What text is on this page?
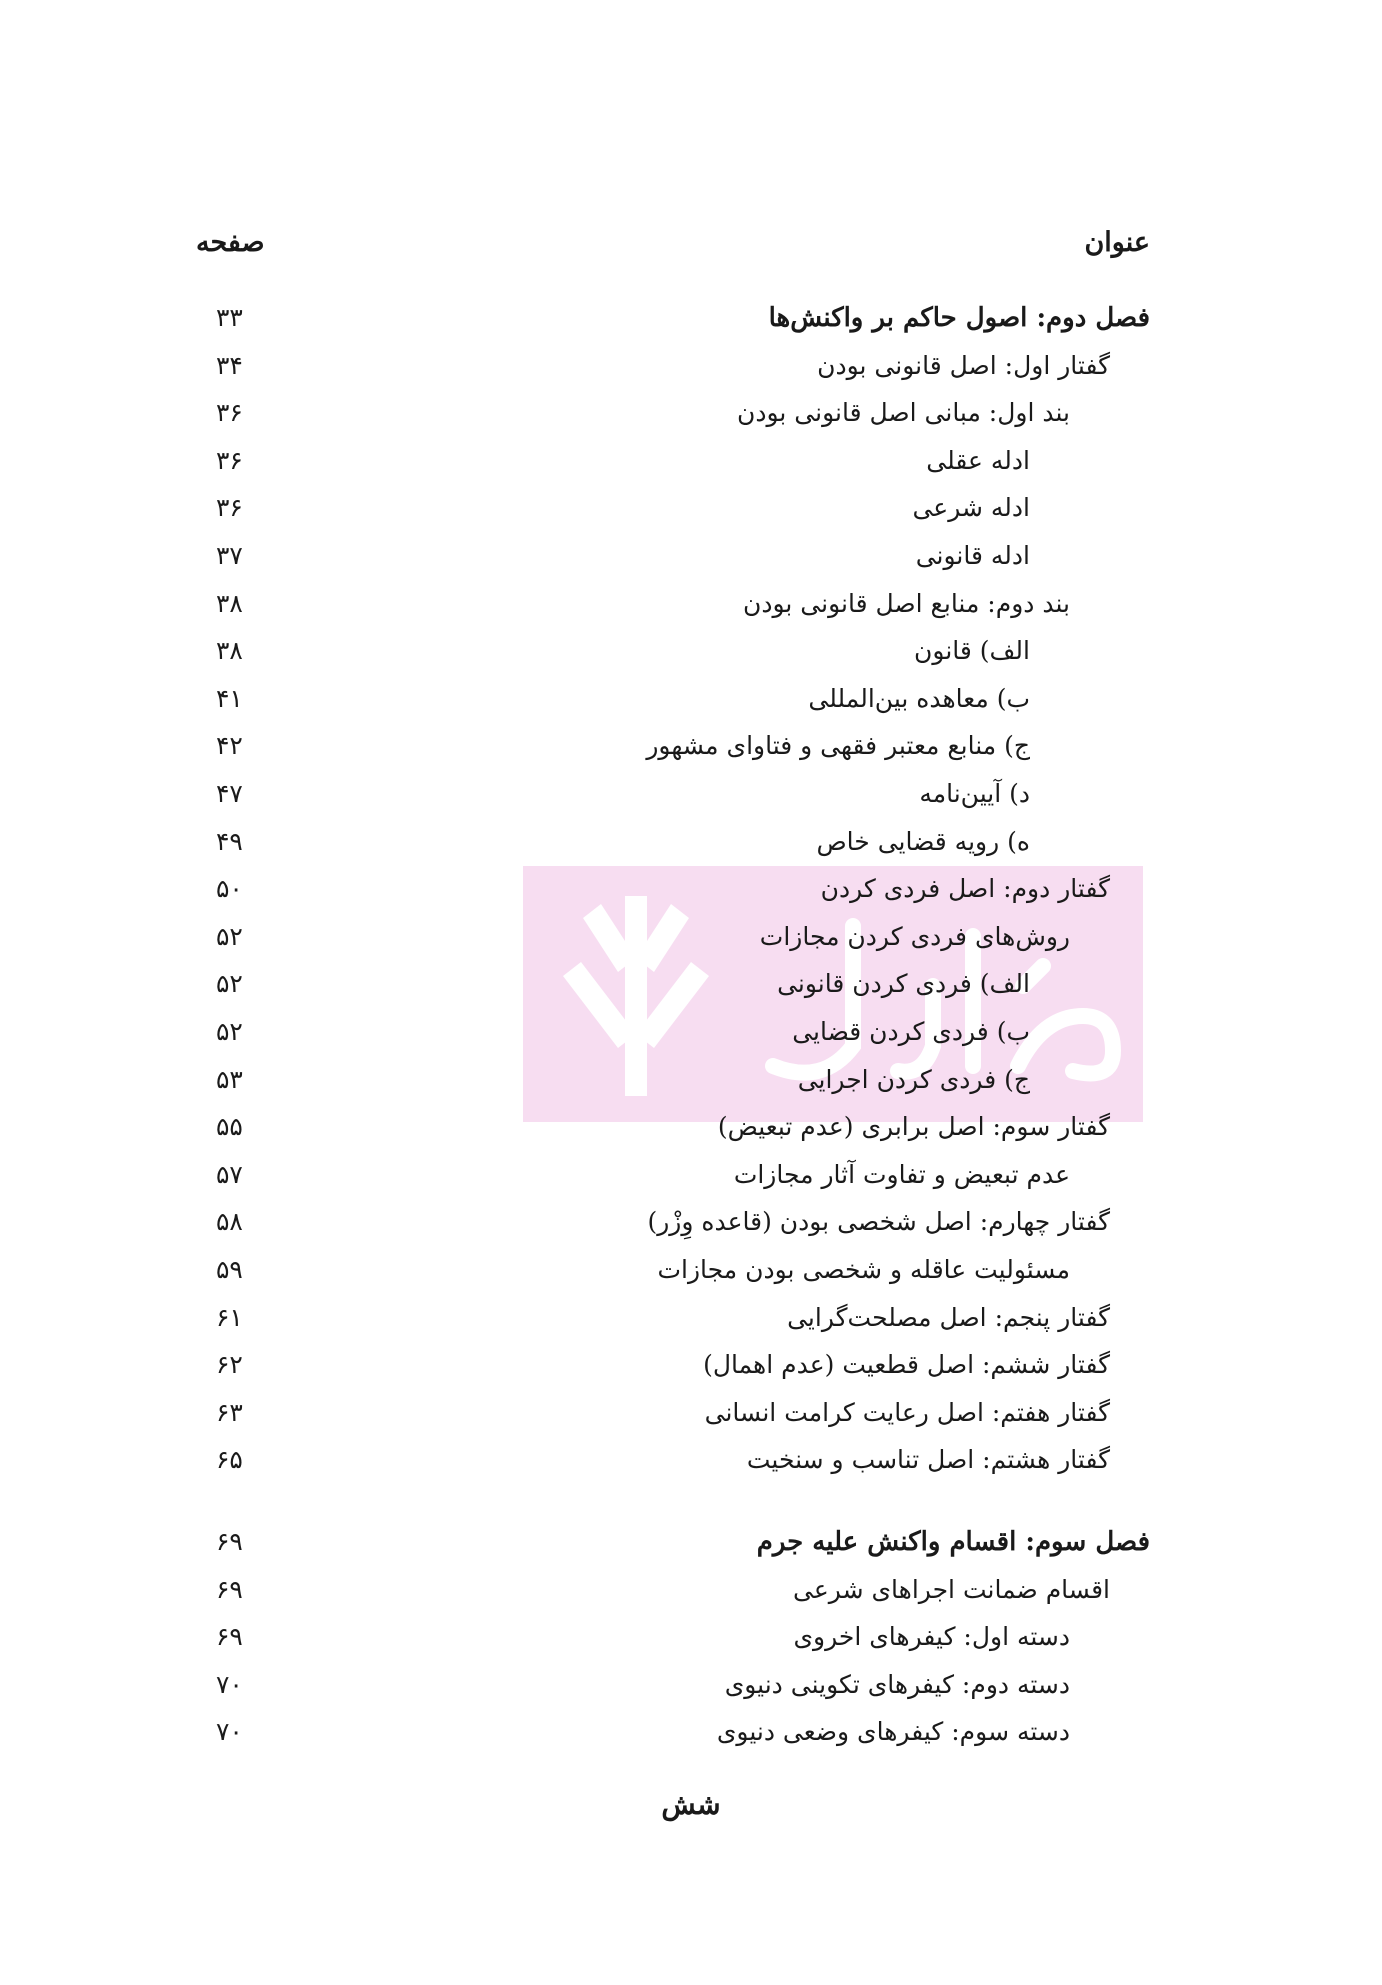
عنوان
صفحه
فصل دوم: اصول حاکم بر واکنش‌ها
۳۳
گفتار اول: اصل قانونی بودن
۳۴
بند اول: مبانی اصل قانونی بودن
۳۶
ادله عقلی
۳۶
ادله شرعی
۳۶
ادله قانونی
۳۷
بند دوم: منابع اصل قانونی بودن
۳۸
الف) قانون
۳۸
ب) معاهده بین‌المللی
۴۱
ج) منابع معتبر فقهی و فتاوای مشهور
۴۲
د) آیین‌نامه
۴۷
ه) رویه قضایی خاص
۴۹
گفتار دوم: اصل فردی کردن
۵۰
روش‌های فردی کردن مجازات
۵۲
الف) فردی کردن قانونی
۵۲
ب) فردی کردن قضایی
۵۲
ج) فردی کردن اجرایی
۵۳
گفتار سوم: اصل برابری (عدم تبعیض)
۵۵
عدم تبعیض و تفاوت آثار مجازات
۵۷
گفتار چهارم: اصل شخصی بودن (قاعده وِزْر)
۵۸
مسئولیت عاقله و شخصی بودن مجازات
۵۹
گفتار پنجم: اصل مصلحت‌گرایی
۶۱
گفتار ششم: اصل قطعیت (عدم اهمال)
۶۲
گفتار هفتم: اصل رعایت کرامت انسانی
۶۳
گفتار هشتم: اصل تناسب و سنخیت
۶۵
فصل سوم: اقسام واکنش علیه جرم
۶۹
اقسام ضمانت اجراهای شرعی
۶۹
دسته اول: کیفرهای اخروی
۶۹
دسته دوم: کیفرهای تکوینی دنیوی
۷۰
دسته سوم: کیفرهای وضعی دنیوی
۷۰
شش
